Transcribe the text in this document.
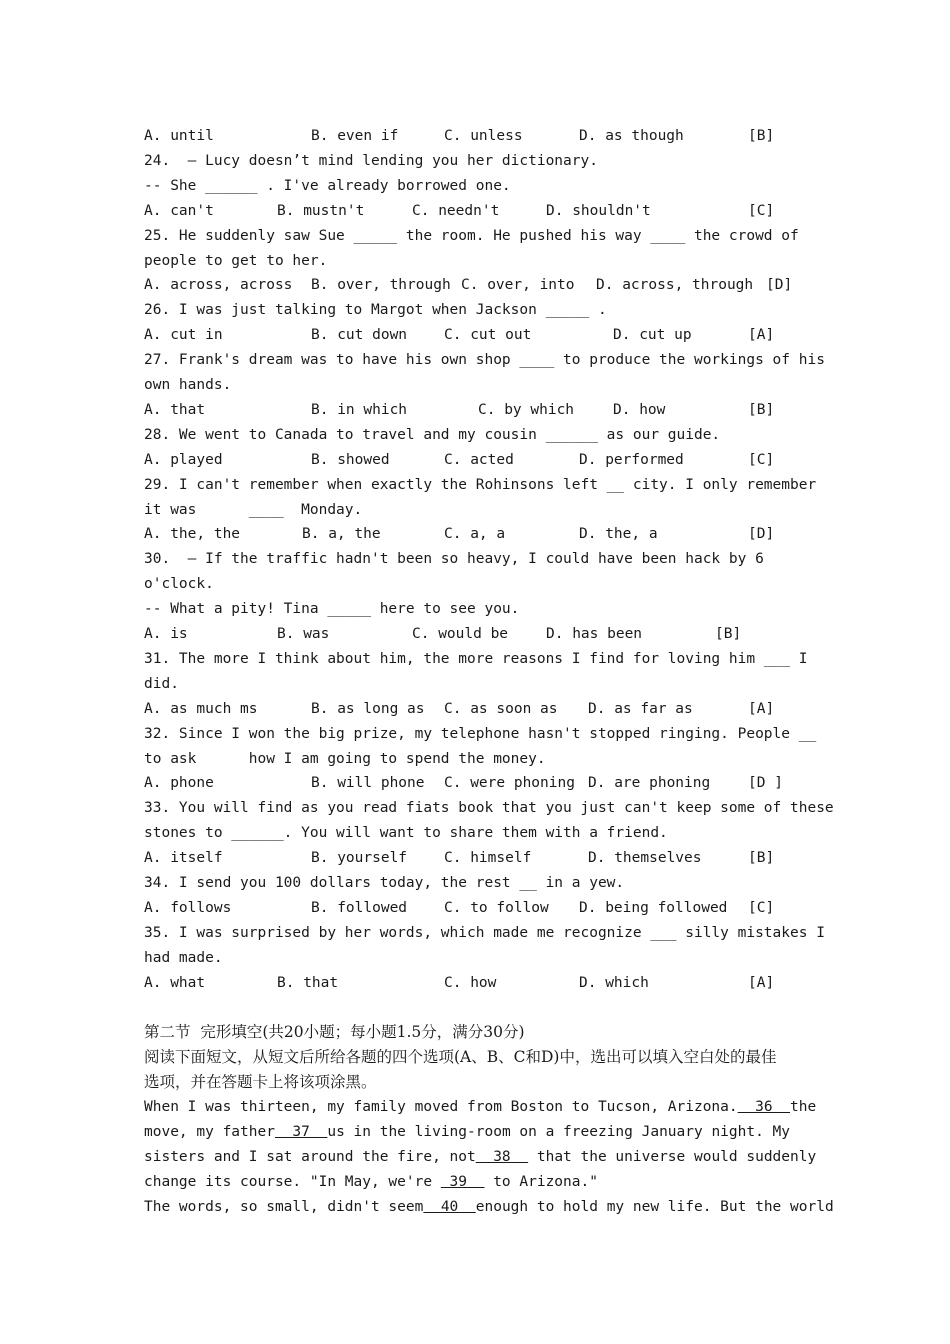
A. until	B. even if	C. unless	D. as though	[B]
24.  – Lucy doesn’t mind lending you her dictionary.
-- She ______ . I've already borrowed one.
A. can't	B. mustn't	C. needn't	D. shouldn't	[C]
25. He suddenly saw Sue _____ the room. He pushed his way ____ the crowd of
people to get to her.
A. across, across B. over, through C. over, into D. across, through [D]
26. I was just talking to Margot when Jackson _____ .
A. cut in	B. cut down	C. cut out	D. cut up	[A]
27. Frank's dream was to have his own shop ____ to produce the workings of his
own hands.
A. that	B. in which	C. by which	D. how	[B]
28. We went to Canada to travel and my cousin ______ as our guide.
A. played	B. showed	C. acted	D. performed	[C]
29. I can't remember when exactly the Rohinsons left __ city. I only remember
it was      ____  Monday.
A. the, the	B. a, the	C. a, a	D. the, a	[D]
30.  – If the traffic hadn't been so heavy, I could have been hack by 6
o'clock.
-- What a pity! Tina _____ here to see you.
A. is	B. was	C. would be	D. has been	[B]
31. The more I think about him, the more reasons I find for loving him ___ I
did.
A. as much ms	B. as long as C. as soon as D. as far as	[A]
32. Since I won the big prize, my telephone hasn't stopped ringing. People __
to ask      how I am going to spend the money.
A. phone	B. will phone C. were phoning D. are phoning	[D ]
33. You will find as you read fiats book that you just can't keep some of these
stones to ______. You will want to share them with a friend.
A. itself	B. yourself	C. himself	D. themselves	[B]
34. I send you 100 dollars today, the rest __ in a yew.
A. follows	B. followed	C. to follow D. being followed [C]
35. I was surprised by her words, which made me recognize ___ silly mistakes I
had made.
A. what	B. that	C. how	D. which	[A]
第二节  完形填空(共20小题；每小题1.5分，满分30分)
阅读下面短文，从短文后所给各题的四个选项(A、B、C和D)中，选出可以填入空白处的最佳
选项，并在答题卡上将该项涂黑。
When I was thirteen, my family moved from Boston to Tucson, Arizona.  36  the
move, my father  37  us in the living-room on a freezing January night. My
sisters and I sat around the fire, not  38   that the universe would suddenly
change its course. "In May, we're  39   to Arizona."
The words, so small, didn't seem  40  enough to hold my new life. But the world
